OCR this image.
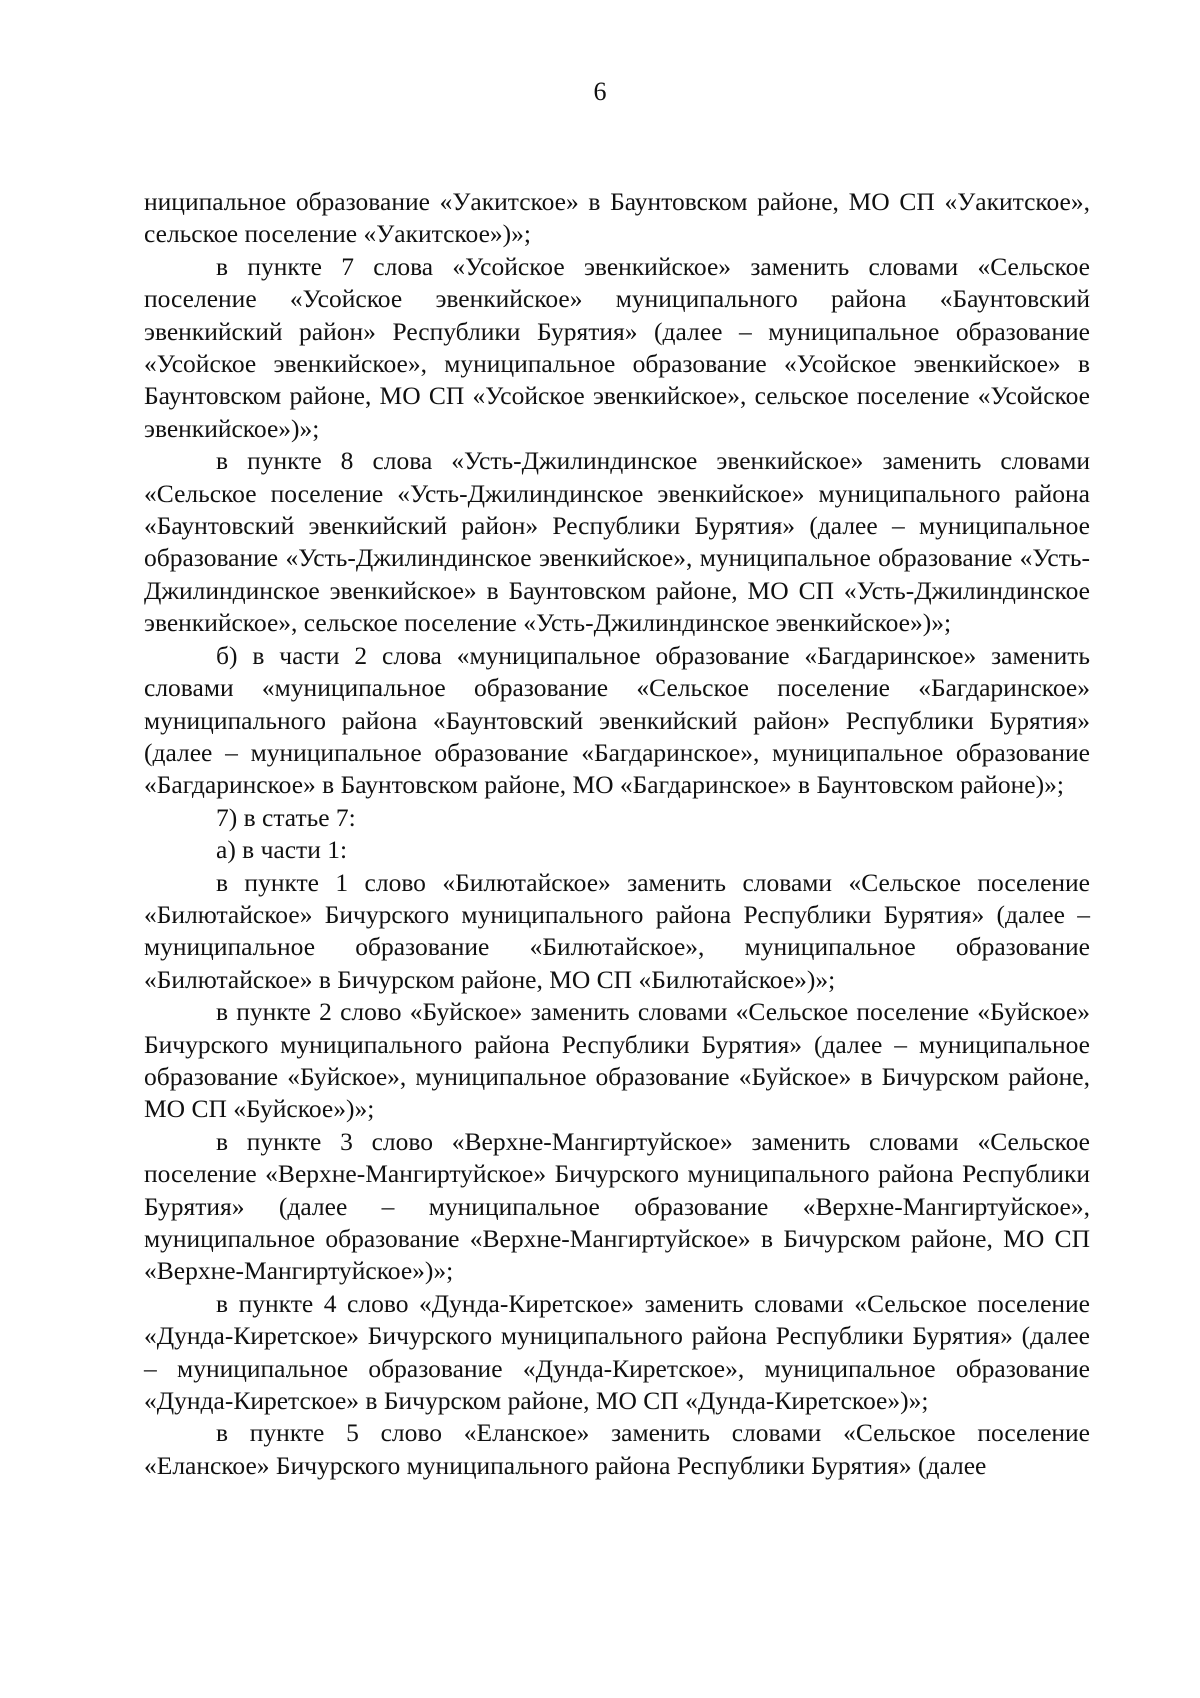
6

ниципальное образование «Уакитское» в Баунтовском районе, МО СП «Уакитское», сельское поселение «Уакитское»)»;

в пункте 7 слова «Усойское эвенкийское» заменить словами «Сельское поселение «Усойское эвенкийское» муниципального района «Баунтовский эвенкийский район» Республики Бурятия» (далее – муниципальное образование «Усойское эвенкийское», муниципальное образование «Усойское эвенкийское» в Баунтовском районе, МО СП «Усойское эвенкийское», сельское поселение «Усойское эвенкийское»)»;

в пункте 8 слова «Усть-Джилиндинское эвенкийское» заменить словами «Сельское поселение «Усть-Джилиндинское эвенкийское» муниципального района «Баунтовский эвенкийский район» Республики Бурятия» (далее – муниципальное образование «Усть-Джилиндинское эвенкийское», муниципальное образование «Усть-Джилиндинское эвенкийское» в Баунтовском районе, МО СП «Усть-Джилиндинское эвенкийское», сельское поселение «Усть-Джилиндинское эвенкийское»)»;

б) в части 2 слова «муниципальное образование «Багдаринское» заменить словами «муниципальное образование «Сельское поселение «Багдаринское» муниципального района «Баунтовский эвенкийский район» Республики Бурятия» (далее – муниципальное образование «Багдаринское», муниципальное образование «Багдаринское» в Баунтовском районе, МО «Багдаринское» в Баунтовском районе)»;

7) в статье 7:

а) в части 1:

в пункте 1 слово «Билютайское» заменить словами «Сельское поселение «Билютайское» Бичурского муниципального района Республики Бурятия» (далее – муниципальное образование «Билютайское», муниципальное образование «Билютайское» в Бичурском районе, МО СП «Билютайское»)»;

в пункте 2 слово «Буйское» заменить словами «Сельское поселение «Буйское» Бичурского муниципального района Республики Бурятия» (далее – муниципальное образование «Буйское», муниципальное образование «Буйское» в Бичурском районе, МО СП «Буйское»)»;

в пункте 3 слово «Верхне-Мангиртуйское» заменить словами «Сельское поселение «Верхне-Мангиртуйское» Бичурского муниципального района Республики Бурятия» (далее – муниципальное образование «Верхне-Мангиртуйское», муниципальное образование «Верхне-Мангиртуйское» в Бичурском районе, МО СП «Верхне-Мангиртуйское»)»;

в пункте 4 слово «Дунда-Киретское» заменить словами «Сельское поселение «Дунда-Киретское» Бичурского муниципального района Республики Бурятия» (далее – муниципальное образование «Дунда-Киретское», муниципальное образование «Дунда-Киретское» в Бичурском районе, МО СП «Дунда-Киретское»)»;

в пункте 5 слово «Еланское» заменить словами «Сельское поселение «Еланское» Бичурского муниципального района Республики Бурятия» (далее
